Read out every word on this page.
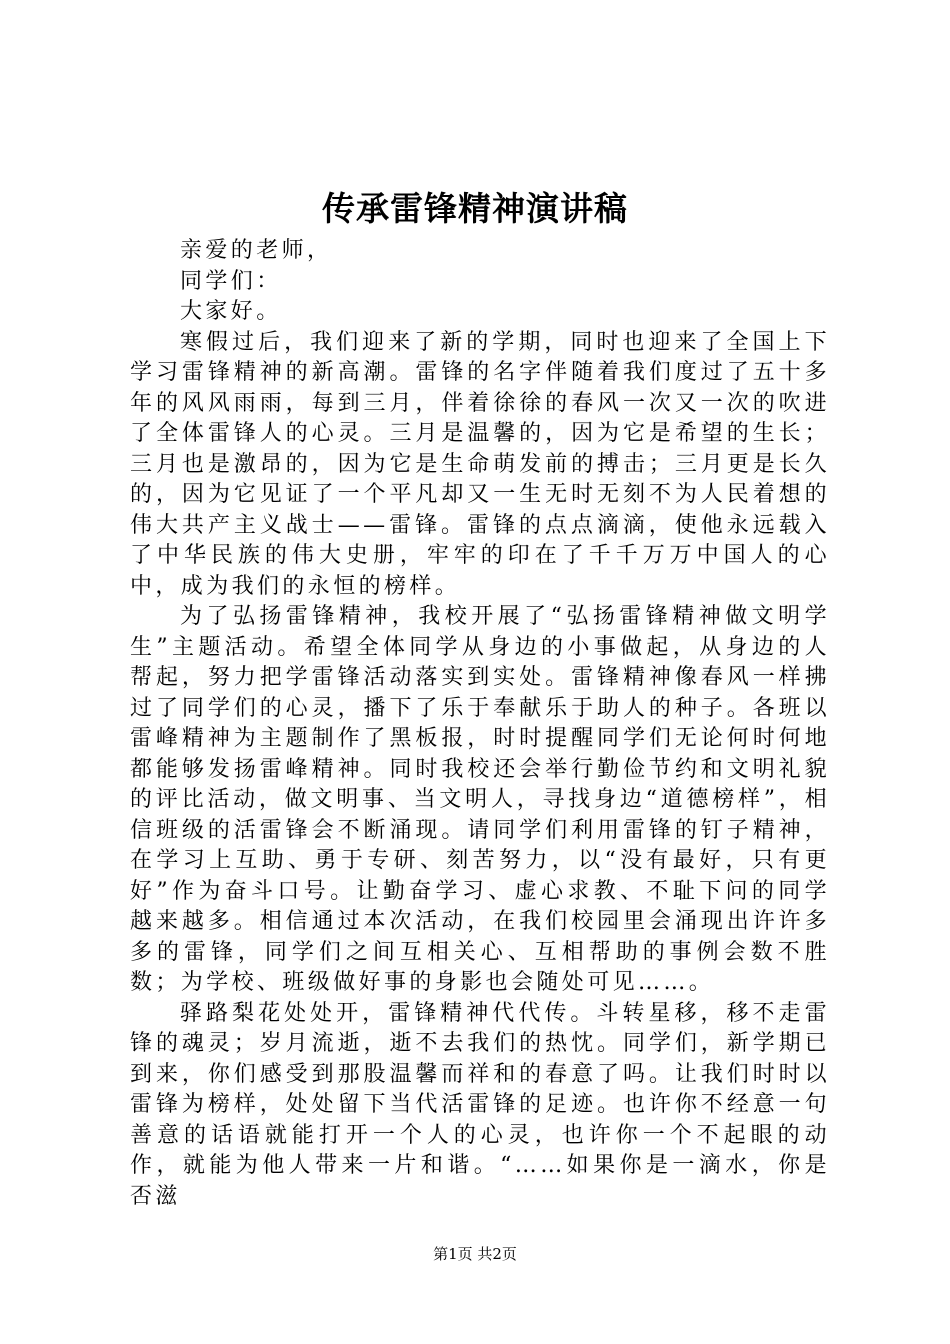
传承雷锋精神演讲稿

亲爱的老师，

同学们：

大家好。

寒假过后，我们迎来了新的学期，同时也迎来了全国上下学习雷锋精神的新高潮。雷锋的名字伴随着我们度过了五十多年的风风雨雨，每到三月，伴着徐徐的春风一次又一次的吹进了全体雷锋人的心灵。三月是温馨的，因为它是希望的生长；三月也是激昂的，因为它是生命萌发前的搏击；三月更是长久的，因为它见证了一个平凡却又一生无时无刻不为人民着想的伟大共产主义战士——雷锋。雷锋的点点滴滴，使他永远载入了中华民族的伟大史册，牢牢的印在了千千万万中国人的心中，成为我们的永恒的榜样。

为了弘扬雷锋精神，我校开展了“弘扬雷锋精神做文明学生”主题活动。希望全体同学从身边的小事做起，从身边的人帮起，努力把学雷锋活动落实到实处。雷锋精神像春风一样拂过了同学们的心灵，播下了乐于奉献乐于助人的种子。各班以雷峰精神为主题制作了黑板报，时时提醒同学们无论何时何地都能够发扬雷峰精神。同时我校还会举行勤俭节约和文明礼貌的评比活动，做文明事、当文明人，寻找身边“道德榜样”，相信班级的活雷锋会不断涌现。请同学们利用雷锋的钉子精神，在学习上互助、勇于专研、刻苦努力，以“没有最好，只有更好”作为奋斗口号。让勤奋学习、虚心求教、不耻下问的同学越来越多。相信通过本次活动，在我们校园里会涌现出许许多多的雷锋，同学们之间互相关心、互相帮助的事例会数不胜数；为学校、班级做好事的身影也会随处可见……。

驿路梨花处处开，雷锋精神代代传。斗转星移，移不走雷锋的魂灵；岁月流逝，逝不去我们的热忱。同学们，新学期已到来，你们感受到那股温馨而祥和的春意了吗。让我们时时以雷锋为榜样，处处留下当代活雷锋的足迹。也许你不经意一句善意的话语就能打开一个人的心灵，也许你一个不起眼的动作，就能为他人带来一片和谐。“……如果你是一滴水，你是否滋

第1页 共2页
